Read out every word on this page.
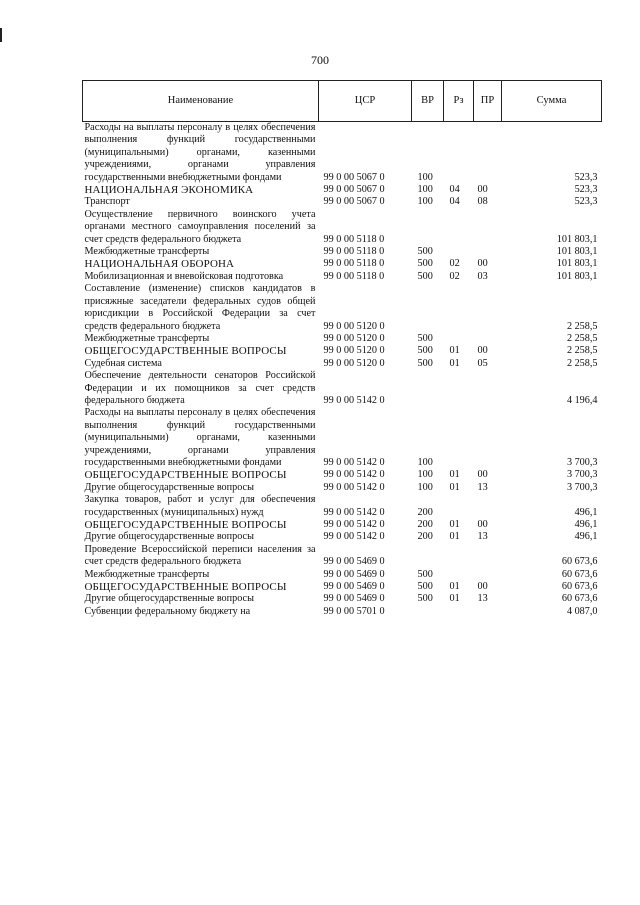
700
Наименование	ЦСР	ВР	Рз	ПР	Сумма
Расходы на выплаты персоналу в целях обеспечения выполнения функций государственными (муниципальными) органами, казенными учреждениями, органами управления государственными внебюджетными фондами	99 0 00 5067 0	100			523,3
НАЦИОНАЛЬНАЯ ЭКОНОМИКА	99 0 00 5067 0	100	04	00	523,3
Транспорт	99 0 00 5067 0	100	04	08	523,3
Осуществление первичного воинского учета органами местного самоуправления поселений за счет средств федерального бюджета	99 0 00 5118 0				101 803,1
Межбюджетные трансферты	99 0 00 5118 0	500			101 803,1
НАЦИОНАЛЬНАЯ ОБОРОНА	99 0 00 5118 0	500	02	00	101 803,1
Мобилизационная и вневойсковая подготовка	99 0 00 5118 0	500	02	03	101 803,1
Составление (изменение) списков кандидатов в присяжные заседатели федеральных судов общей юрисдикции в Российской Федерации за счет средств федерального бюджета	99 0 00 5120 0				2 258,5
Межбюджетные трансферты	99 0 00 5120 0	500			2 258,5
ОБЩЕГОСУДАРСТВЕННЫЕ ВОПРОСЫ	99 0 00 5120 0	500	01	00	2 258,5
Судебная система	99 0 00 5120 0	500	01	05	2 258,5
Обеспечение деятельности сенаторов Российской Федерации и их помощников за счет средств федерального бюджета	99 0 00 5142 0				4 196,4
Расходы на выплаты персоналу в целях обеспечения выполнения функций государственными (муниципальными) органами, казенными учреждениями, органами управления государственными внебюджетными фондами	99 0 00 5142 0	100			3 700,3
ОБЩЕГОСУДАРСТВЕННЫЕ ВОПРОСЫ	99 0 00 5142 0	100	01	00	3 700,3
Другие общегосударственные вопросы	99 0 00 5142 0	100	01	13	3 700,3
Закупка товаров, работ и услуг для обеспечения государственных (муниципальных) нужд	99 0 00 5142 0	200			496,1
ОБЩЕГОСУДАРСТВЕННЫЕ ВОПРОСЫ	99 0 00 5142 0	200	01	00	496,1
Другие общегосударственные вопросы	99 0 00 5142 0	200	01	13	496,1
Проведение Всероссийской переписи населения за счет средств федерального бюджета	99 0 00 5469 0				60 673,6
Межбюджетные трансферты	99 0 00 5469 0	500			60 673,6
ОБЩЕГОСУДАРСТВЕННЫЕ ВОПРОСЫ	99 0 00 5469 0	500	01	00	60 673,6
Другие общегосударственные вопросы	99 0 00 5469 0	500	01	13	60 673,6
Субвенции федеральному бюджету на	99 0 00 5701 0				4 087,0
